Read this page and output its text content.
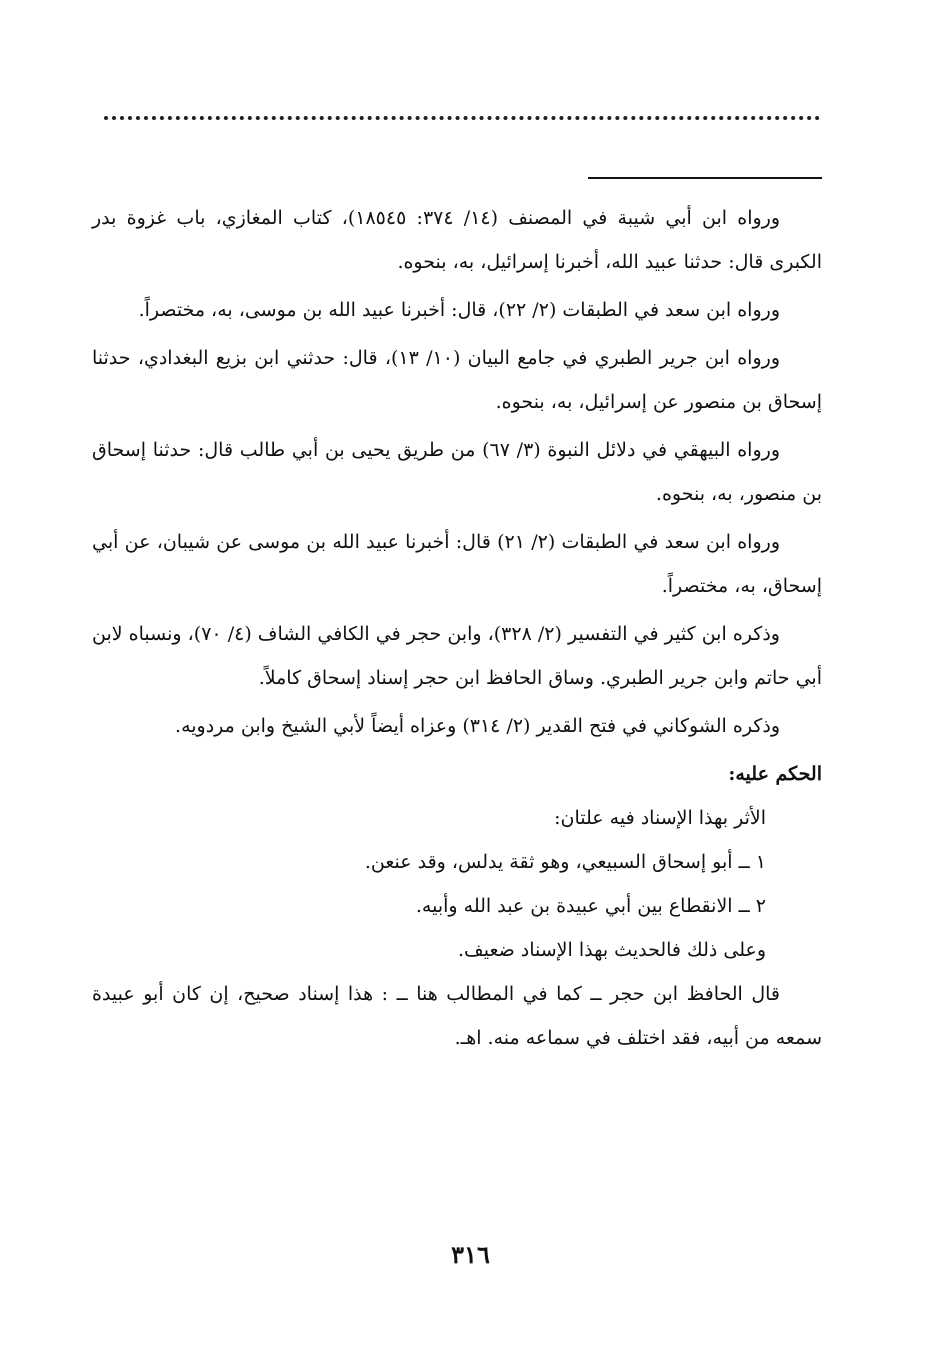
ورواه ابن أبي شيبة في المصنف (١٤/ ٣٧٤: ١٨٥٤٥)، كتاب المغازي، باب غزوة بدر الكبرى قال: حدثنا عبيد الله، أخبرنا إسرائيل، به، بنحوه.

ورواه ابن سعد في الطبقات (٢/ ٢٢)، قال: أخبرنا عبيد الله بن موسى، به، مختصراً.

ورواه ابن جرير الطبري في جامع البيان (١٠/ ١٣)، قال: حدثني ابن بزيع البغدادي، حدثنا إسحاق بن منصور عن إسرائيل، به، بنحوه.

ورواه البيهقي في دلائل النبوة (٣/ ٦٧) من طريق يحيى بن أبي طالب قال: حدثنا إسحاق بن منصور، به، بنحوه.

ورواه ابن سعد في الطبقات (٢/ ٢١) قال: أخبرنا عبيد الله بن موسى عن شيبان، عن أبي إسحاق، به، مختصراً.

وذكره ابن كثير في التفسير (٢/ ٣٢٨)، وابن حجر في الكافي الشاف (٤/ ٧٠)، ونسباه لابن أبي حاتم وابن جرير الطبري. وساق الحافظ ابن حجر إسناد إسحاق كاملاً.

وذكره الشوكاني في فتح القدير (٢/ ٣١٤) وعزاه أيضاً لأبي الشيخ وابن مردويه.

الحكم عليه:

الأثر بهذا الإسناد فيه علتان:

١ ــ أبو إسحاق السبيعي، وهو ثقة يدلس، وقد عنعن.

٢ ــ الانقطاع بين أبي عبيدة بن عبد الله وأبيه.

وعلى ذلك فالحديث بهذا الإسناد ضعيف.

قال الحافظ ابن حجر ــ كما في المطالب هنا ــ : هذا إسناد صحيح، إن كان أبو عبيدة سمعه من أبيه، فقد اختلف في سماعه منه. اهـ.

٣١٦
